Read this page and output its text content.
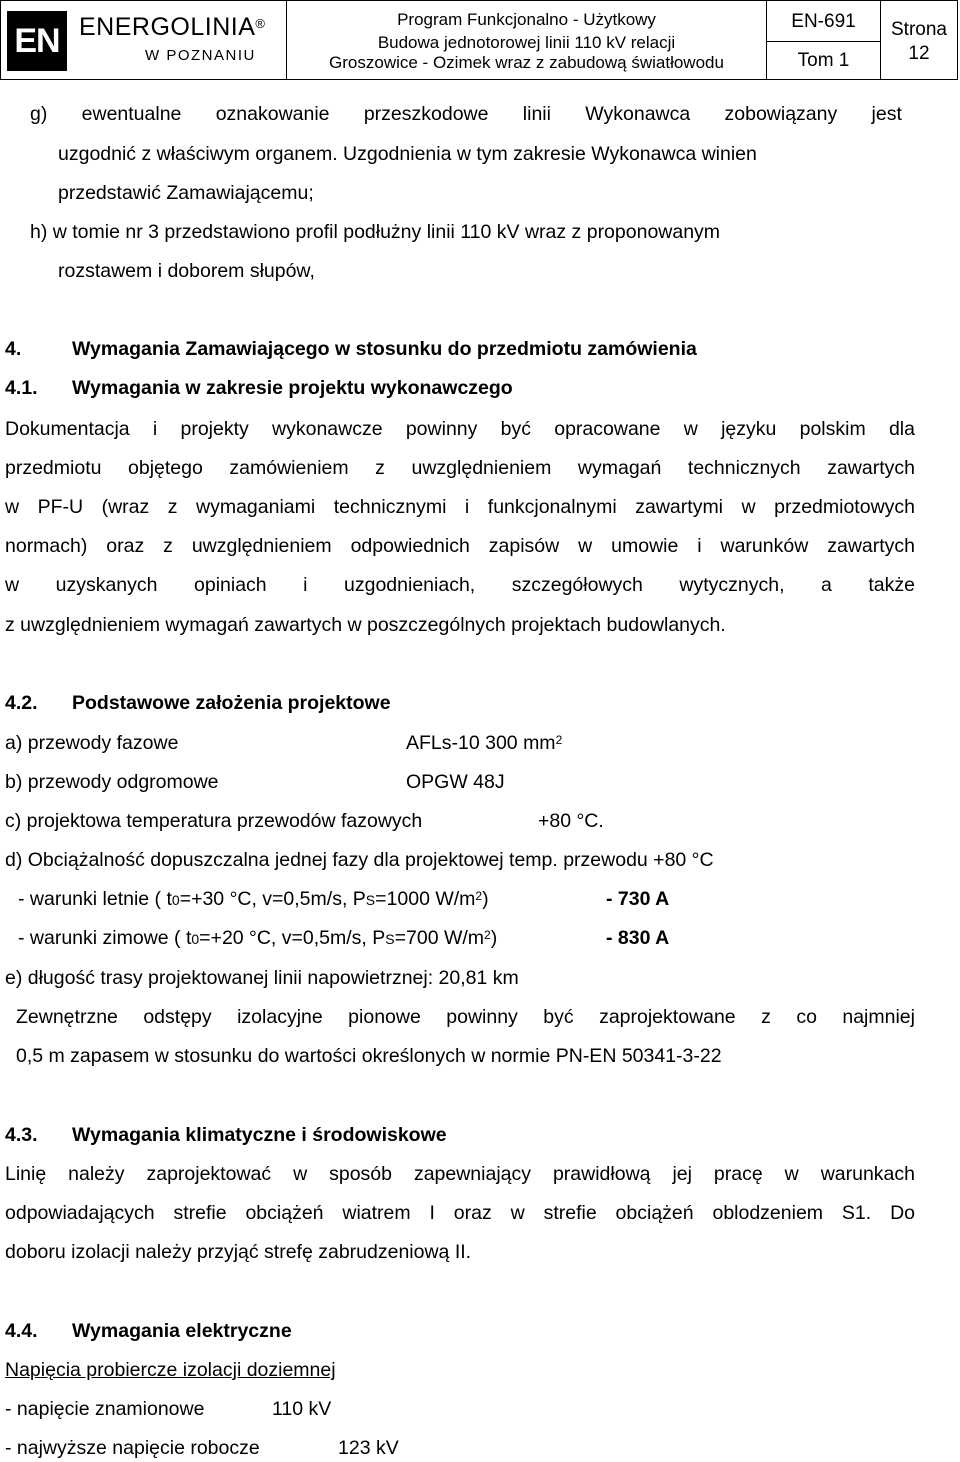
EN ENERGOLINIA®
W POZNANIU
Program Funkcjonalno - Użytkowy
Budowa jednotorowej linii 110 kV relacji
Groszowice - Ozimek wraz z zabudową światłowodu
EN-691
Tom 1
Strona
12
g) ewentualne oznakowanie przeszkodowe linii Wykonawca zobowiązany jest
uzgodnić z właściwym organem. Uzgodnienia w tym zakresie Wykonawca winien
przedstawić Zamawiającemu;
h) w tomie nr 3 przedstawiono profil podłużny linii 110 kV wraz z proponowanym
rozstawem i doborem słupów,
4.	Wymagania Zamawiającego w stosunku do przedmiotu zamówienia
4.1. Wymagania w zakresie projektu wykonawczego
Dokumentacja i projekty wykonawcze powinny być opracowane w języku polskim dla
przedmiotu objętego zamówieniem z uwzględnieniem wymagań technicznych zawartych
w PF-U (wraz z wymaganiami technicznymi i funkcjonalnymi zawartymi w przedmiotowych
normach) oraz z uwzględnieniem odpowiednich zapisów w umowie i warunków zawartych
w uzyskanych opiniach i uzgodnieniach, szczegółowych wytycznych, a także
z uwzględnieniem wymagań zawartych w poszczególnych projektach budowlanych.
4.2. Podstawowe założenia projektowe
a) przewody fazowe	AFLs-10 300 $mm^2$
b) przewody odgromowe	OPGW 48J
c) projektowa temperatura przewodów fazowych	+80 °C.
d) Obciążalność dopuszczalna jednej fazy dla projektowej temp. przewodu +80 °C
- warunki letnie ( t0=+30 °C, v=0,5m/s, PS=1000 $W/m^2$)	- 730 A
- warunki zimowe ( t0=+20 °C, v=0,5m/s, PS=700 $W/m^2$)	- 830 A
e) długość trasy projektowanej linii napowietrznej: 20,81 km
Zewnętrzne odstępy izolacyjne pionowe powinny być zaprojektowane z co najmniej
0,5 m zapasem w stosunku do wartości określonych w normie PN-EN 50341-3-22
4.3. Wymagania klimatyczne i środowiskowe
Linię należy zaprojektować w sposób zapewniający prawidłową jej pracę w warunkach
odpowiadających strefie obciążeń wiatrem I oraz w strefie obciążeń oblodzeniem S1. Do
doboru izolacji należy przyjąć strefę zabrudzeniową II.
4.4. Wymagania elektryczne
Napięcia probiercze izolacji doziemnej
- napięcie znamionowe	110 kV
- najwyższe napięcie robocze	123 kV
